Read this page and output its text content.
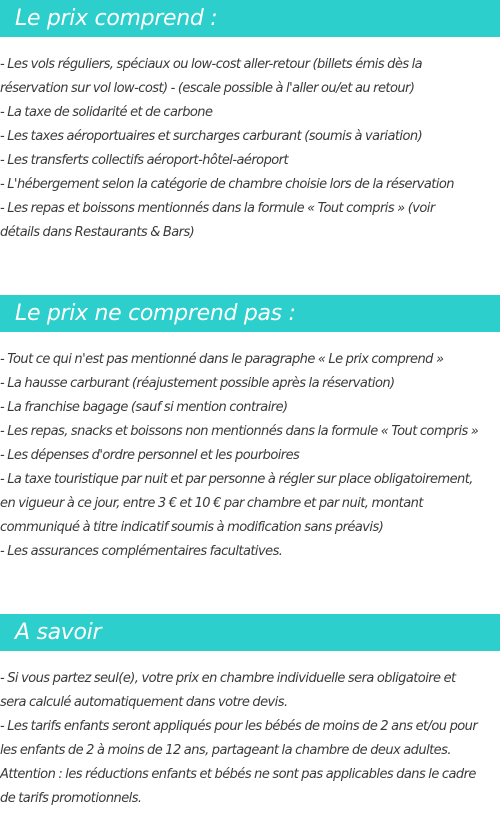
Le prix comprend :
- Les vols réguliers, spéciaux ou low-cost aller-retour (billets émis dès la
réservation sur vol low-cost) - (escale possible à l'aller ou/et au retour)
- La taxe de solidarité et de carbone
- Les taxes aéroportuaires et surcharges carburant (soumis à variation)
- Les transferts collectifs aéroport-hôtel-aéroport
- L'hébergement selon la catégorie de chambre choisie lors de la réservation
- Les repas et boissons mentionnés dans la formule « Tout compris » (voir
détails dans Restaurants & Bars)
Le prix ne comprend pas :
- Tout ce qui n'est pas mentionné dans le paragraphe « Le prix comprend »
- La hausse carburant (réajustement possible après la réservation)
- La franchise bagage (sauf si mention contraire)
- Les repas, snacks et boissons non mentionnés dans la formule « Tout compris »
- Les dépenses d'ordre personnel et les pourboires
- La taxe touristique par nuit et par personne à régler sur place obligatoirement,
en vigueur à ce jour, entre 3 € et 10 € par chambre et par nuit, montant
communiqué à titre indicatif soumis à modification sans préavis)
- Les assurances complémentaires facultatives.
A savoir
- Si vous partez seul(e), votre prix en chambre individuelle sera obligatoire et
sera calculé automatiquement dans votre devis.
- Les tarifs enfants seront appliqués pour les bébés de moins de 2 ans et/ou pour
les enfants de 2 à moins de 12 ans, partageant la chambre de deux adultes.
Attention : les réductions enfants et bébés ne sont pas applicables dans le cadre
de tarifs promotionnels.
